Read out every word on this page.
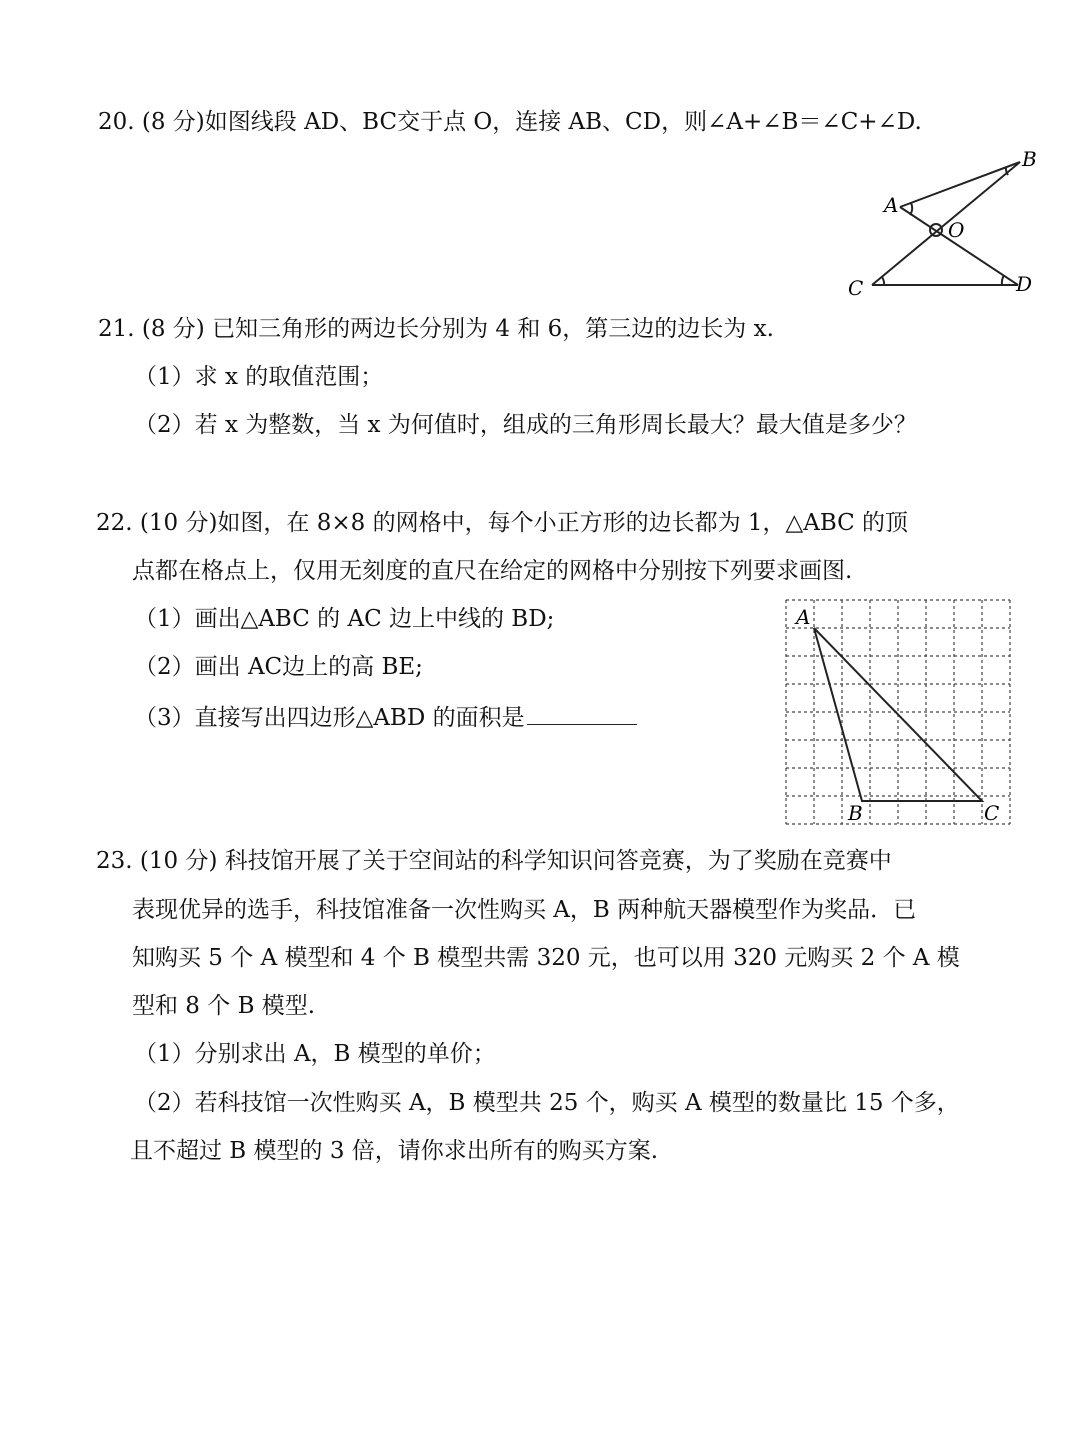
20. (8 分)如图线段 AD、BC交于点 O，连接 AB、CD，则∠A+∠B＝∠C+∠D.
A
B
C	D
O
21. (8 分) 已知三角形的两边长分别为 4 和 6，第三边的边长为 x.
（1）求 x 的取值范围；
（2）若 x 为整数，当 x 为何值时，组成的三角形周长最大？最大值是多少？
22. (10 分)如图，在 8×8 的网格中，每个小正方形的边长都为 1，△ABC 的顶
点都在格点上，仅用无刻度的直尺在给定的网格中分别按下列要求画图.
（1）画出△ABC 的 AC 边上中线的 BD;
（2）画出 AC边上的高 BE;
（3）直接写出四边形△ABD 的面积是
A
B	C
23. (10 分) 科技馆开展了关于空间站的科学知识问答竞赛，为了奖励在竞赛中
表现优异的选手，科技馆准备一次性购买 A，B 两种航天器模型作为奖品．已
知购买 5 个 A 模型和 4 个 B 模型共需 320 元，也可以用 320 元购买 2 个 A 模
型和 8 个 B 模型.
（1）分别求出 A，B 模型的单价；
（2）若科技馆一次性购买 A，B 模型共 25 个，购买 A 模型的数量比 15 个多，
且不超过 B 模型的 3 倍，请你求出所有的购买方案.
